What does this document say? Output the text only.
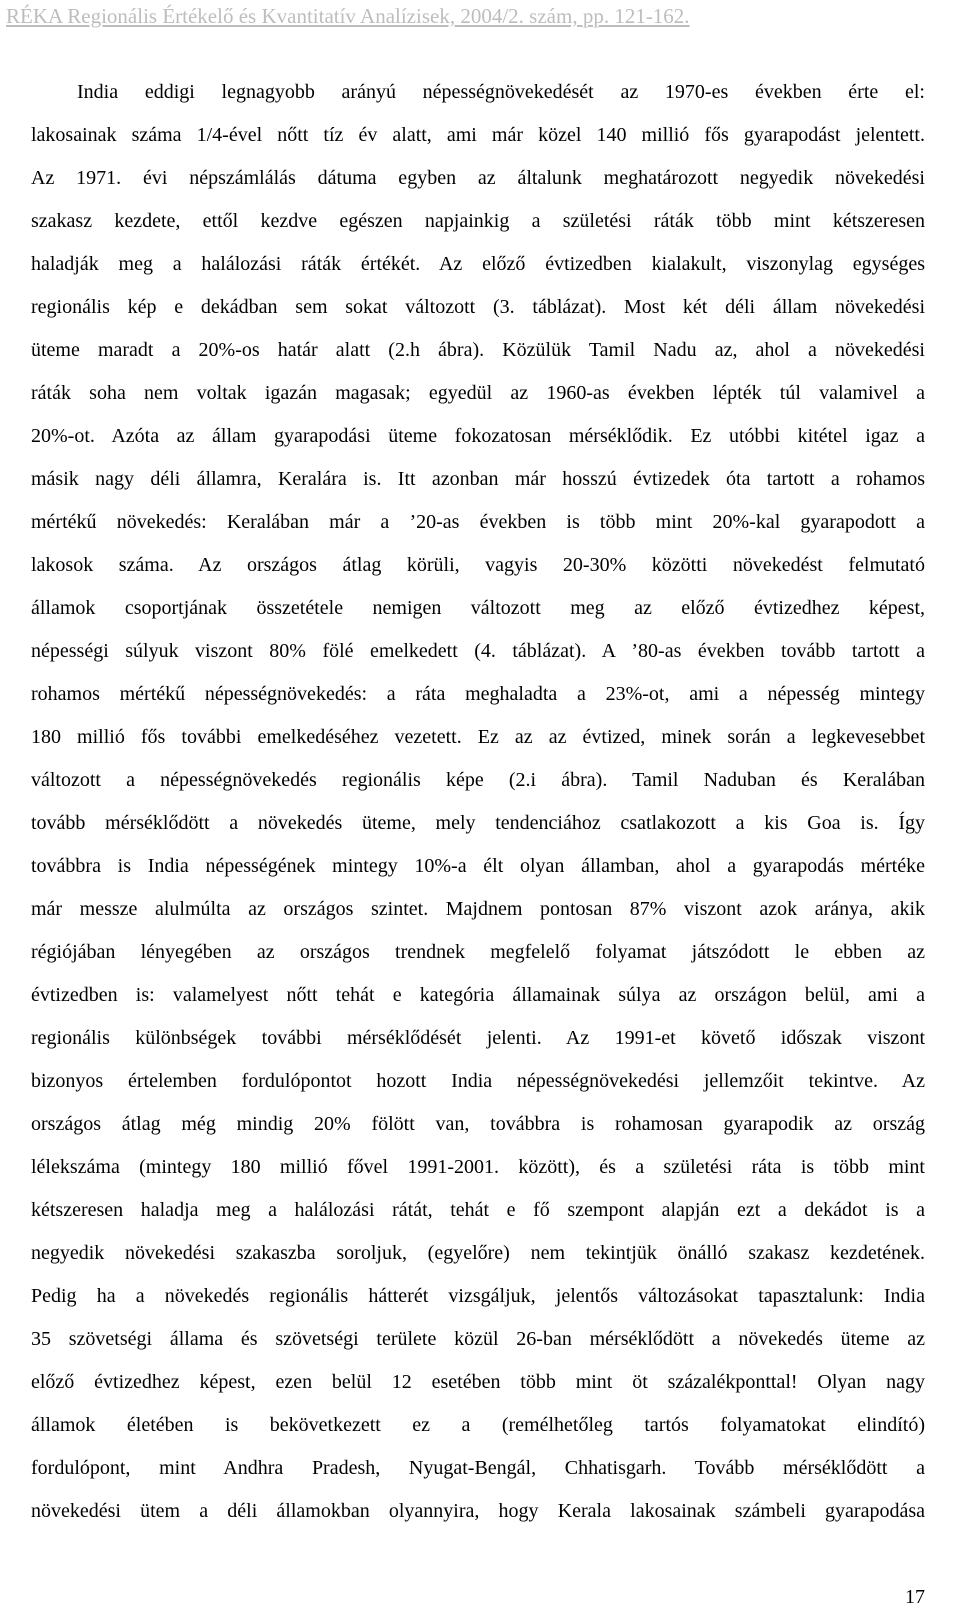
RÉKA Regionális Értékelő és Kvantitatív Analízisek, 2004/2. szám, pp. 121-162.
India eddigi legnagyobb arányú népességnövekedését az 1970-es években érte el:
lakosainak száma 1/4-ével nőtt tíz év alatt, ami már közel 140 millió fős gyarapodást jelentett.
Az 1971. évi népszámlálás dátuma egyben az általunk meghatározott negyedik növekedési
szakasz kezdete, ettől kezdve egészen napjainkig a születési ráták több mint kétszeresen
haladják meg a halálozási ráták értékét. Az előző évtizedben kialakult, viszonylag egységes
regionális kép e dekádban sem sokat változott (3. táblázat). Most két déli állam növekedési
üteme maradt a 20%-os határ alatt (2.h ábra). Közülük Tamil Nadu az, ahol a növekedési
ráták soha nem voltak igazán magasak; egyedül az 1960-as években lépték túl valamivel a
20%-ot. Azóta az állam gyarapodási üteme fokozatosan mérséklődik. Ez utóbbi kitétel igaz a
másik nagy déli államra, Keralára is. Itt azonban már hosszú évtizedek óta tartott a rohamos
mértékű növekedés: Keralában már a ’20-as években is több mint 20%-kal gyarapodott a
lakosok száma. Az országos átlag körüli, vagyis 20-30% közötti növekedést felmutató
államok csoportjának összetétele nemigen változott meg az előző évtizedhez képest,
népességi súlyuk viszont 80% fölé emelkedett (4. táblázat). A ’80-as években tovább tartott a
rohamos mértékű népességnövekedés: a ráta meghaladta a 23%-ot, ami a népesség mintegy
180 millió fős további emelkedéséhez vezetett. Ez az az évtized, minek során a legkevesebbet
változott a népességnövekedés regionális képe (2.i ábra). Tamil Naduban és Keralában
tovább mérséklődött a növekedés üteme, mely tendenciához csatlakozott a kis Goa is. Így
továbbra is India népességének mintegy 10%-a élt olyan államban, ahol a gyarapodás mértéke
már messze alulmúlta az országos szintet. Majdnem pontosan 87% viszont azok aránya, akik
régiójában lényegében az országos trendnek megfelelő folyamat játszódott le ebben az
évtizedben is: valamelyest nőtt tehát e kategória államainak súlya az országon belül, ami a
regionális különbségek további mérséklődését jelenti. Az 1991-et követő időszak viszont
bizonyos értelemben fordulópontot hozott India népességnövekedési jellemzőit tekintve. Az
országos átlag még mindig 20% fölött van, továbbra is rohamosan gyarapodik az ország
lélekszáma (mintegy 180 millió fővel 1991-2001. között), és a születési ráta is több mint
kétszeresen haladja meg a halálozási rátát, tehát e fő szempont alapján ezt a dekádot is a
negyedik növekedési szakaszba soroljuk, (egyelőre) nem tekintjük önálló szakasz kezdetének.
Pedig ha a növekedés regionális hátterét vizsgáljuk, jelentős változásokat tapasztalunk: India
35 szövetségi állama és szövetségi területe közül 26-ban mérséklődött a növekedés üteme az
előző évtizedhez képest, ezen belül 12 esetében több mint öt százalékponttal! Olyan nagy
államok életében is bekövetkezett ez a (remélhetőleg tartós folyamatokat elindító)
fordulópont, mint Andhra Pradesh, Nyugat-Bengál, Chhatisgarh. Tovább mérséklődött a
növekedési ütem a déli államokban olyannyira, hogy Kerala lakosainak számbeli gyarapodása
17
